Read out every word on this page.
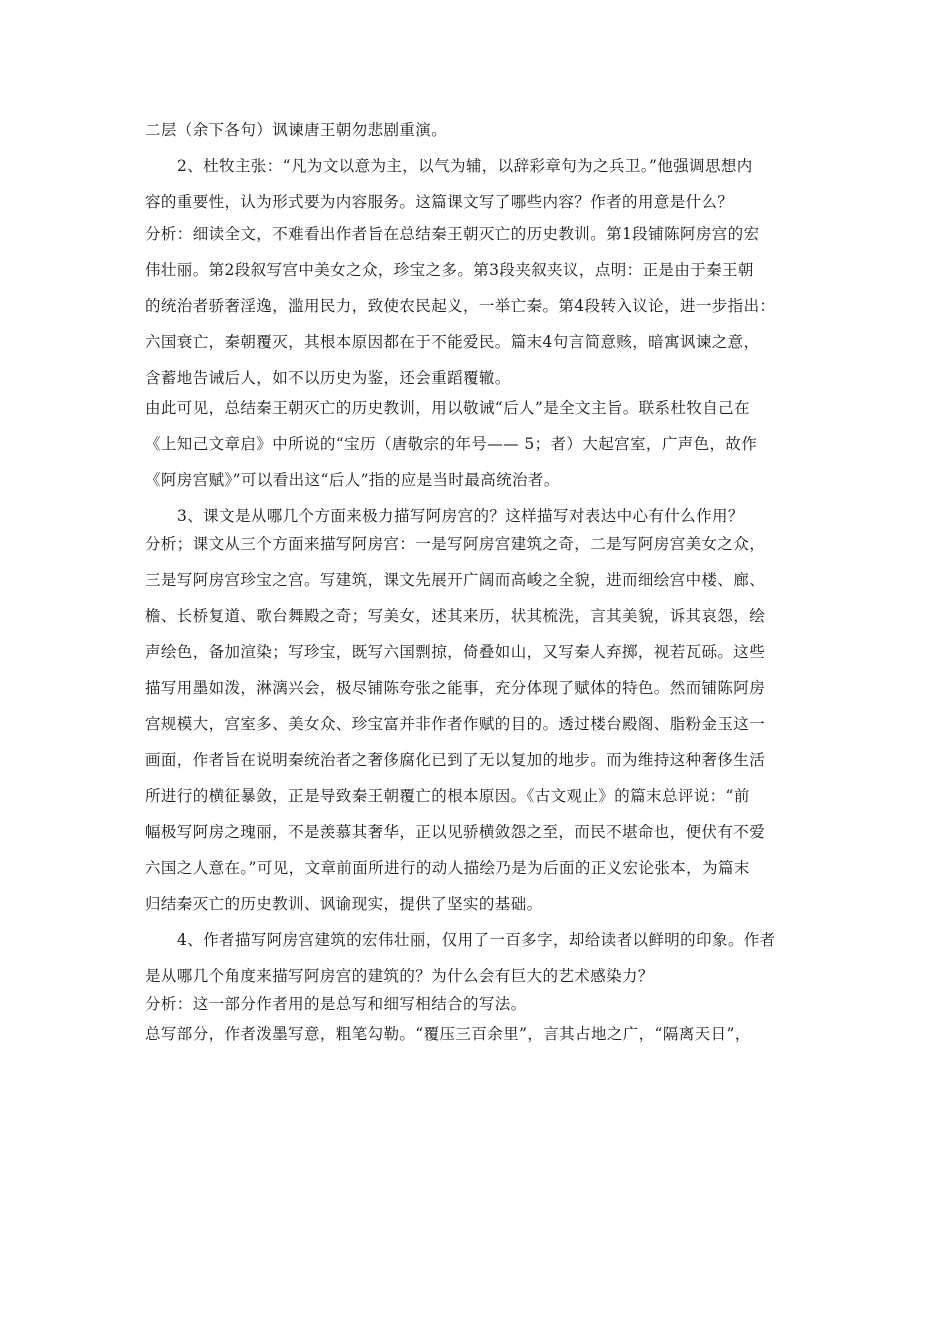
二层（余下各句）讽谏唐王朝勿悲剧重演。
2、杜牧主张：“凡为文以意为主，以气为辅，以辞彩章句为之兵卫。”他强调思想内
容的重要性，认为形式要为内容服务。这篇课文写了哪些内容？作者的用意是什么？
分析：细读全文，不难看出作者旨在总结秦王朝灭亡的历史教训。第1段铺陈阿房宫的宏
伟壮丽。第2段叙写宫中美女之众，珍宝之多。第3段夹叙夹议，点明：正是由于秦王朝
的统治者骄奢淫逸，滥用民力，致使农民起义，一举亡秦。第4段转入议论，进一步指出：
六国衰亡，秦朝覆灭，其根本原因都在于不能爱民。篇末4句言简意赅，暗寓讽谏之意，
含蓄地告诫后人，如不以历史为鉴，还会重蹈覆辙。
由此可见，总结秦王朝灭亡的历史教训，用以敬诫“后人”是全文主旨。联系杜牧自己在
《上知己文章启》中所说的“宝历（唐敬宗的年号—— 5；者）大起宫室，广声色，故作
《阿房宫赋》”可以看出这“后人”指的应是当时最高统治者。
3、课文是从哪几个方面来极力描写阿房宫的？这样描写对表达中心有什么作用？
分析；课文从三个方面来描写阿房宫：一是写阿房宫建筑之奇，二是写阿房宫美女之众，
三是写阿房宫珍宝之宫。写建筑，课文先展开广阔而高峻之全貌，进而细绘宫中楼、廊、
檐、长桥复道、歌台舞殿之奇；写美女，述其来历，状其梳洗，言其美貌，诉其哀怨，绘
声绘色，备加渲染；写珍宝，既写六国剽掠，倚叠如山，又写秦人弃掷，视若瓦砾。这些
描写用墨如泼，淋漓兴会，极尽铺陈夸张之能事，充分体现了赋体的特色。然而铺陈阿房
宫规模大，宫室多、美女众、珍宝富并非作者作赋的目的。透过楼台殿阁、脂粉金玉这一
画面，作者旨在说明秦统治者之奢侈腐化已到了无以复加的地步。而为维持这种奢侈生活
所进行的横征暴敛，正是导致秦王朝覆亡的根本原因。《古文观止》的篇末总评说：“前
幅极写阿房之瑰丽，不是羡慕其奢华，正以见骄横敛怨之至，而民不堪命也，便伏有不爱
六国之人意在。”可见，文章前面所进行的动人描绘乃是为后面的正义宏论张本，为篇末
归结秦灭亡的历史教训、讽谕现实，提供了坚实的基础。
4、作者描写阿房宫建筑的宏伟壮丽，仅用了一百多字，却给读者以鲜明的印象。作者
是从哪几个角度来描写阿房宫的建筑的？为什么会有巨大的艺术感染力？
分析：这一部分作者用的是总写和细写相结合的写法。
总写部分，作者泼墨写意，粗笔勾勒。“覆压三百余里”，言其占地之广，“隔离天日”，
